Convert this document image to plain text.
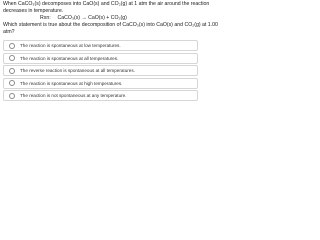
When CaCO₃(s) decomposes into CaO(s) and CO₂(g) at 1 atm the air around the reaction
decreases in temperature.
Rxn: CaCO₃(s) → CaO(s) + CO₂(g)
Which statement is true about the decomposition of CaCO₃(s) into CaO(s) and CO₂(g) at 1.00
atm?
The reaction is spontaneous at low temperatures.
The reaction is spontaneous at all temperatures.
The reverse reaction is spontaneous at all temperatures.
The reaction is spontaneous at high temperatures.
The reaction is not spontaneous at any temperature.
